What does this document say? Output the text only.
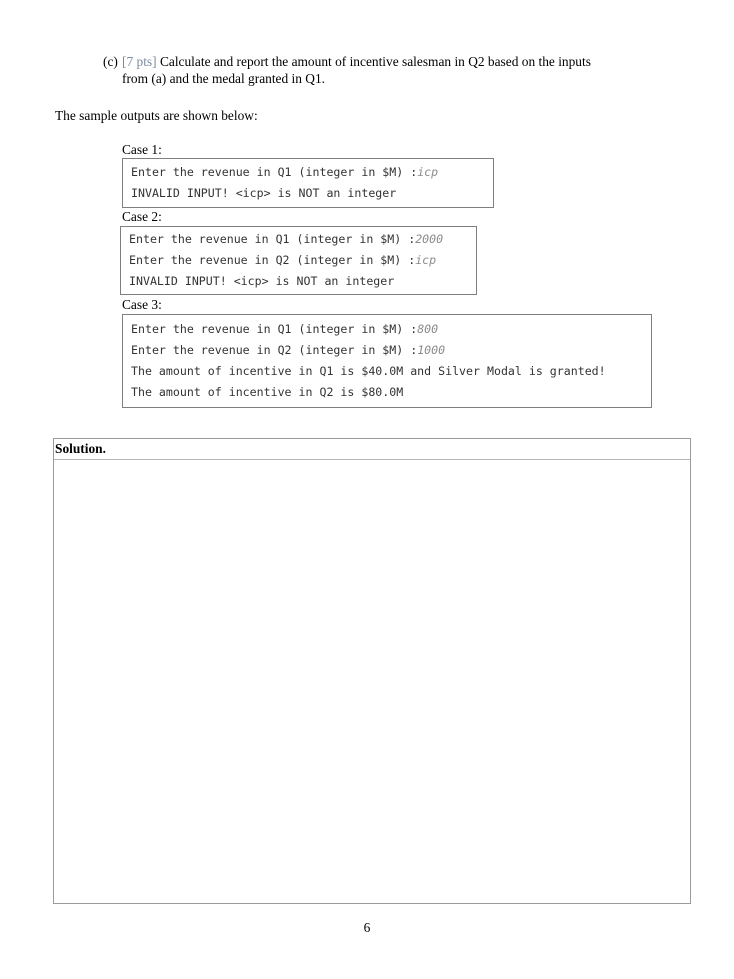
(c) [7 pts] Calculate and report the amount of incentive salesman in Q2 based on the inputs
from (a) and the medal granted in Q1.
The sample outputs are shown below:
Case 1:
Enter the revenue in Q1 (integer in $M) :icp
INVALID INPUT! <icp> is NOT an integer
Case 2:
Enter the revenue in Q1 (integer in $M) :2000
Enter the revenue in Q2 (integer in $M) :icp
INVALID INPUT! <icp> is NOT an integer
Case 3:
Enter the revenue in Q1 (integer in $M) :800
Enter the revenue in Q2 (integer in $M) :1000
The amount of incentive in Q1 is $40.0M and Silver Modal is granted!
The amount of incentive in Q2 is $80.0M
Solution.
6
